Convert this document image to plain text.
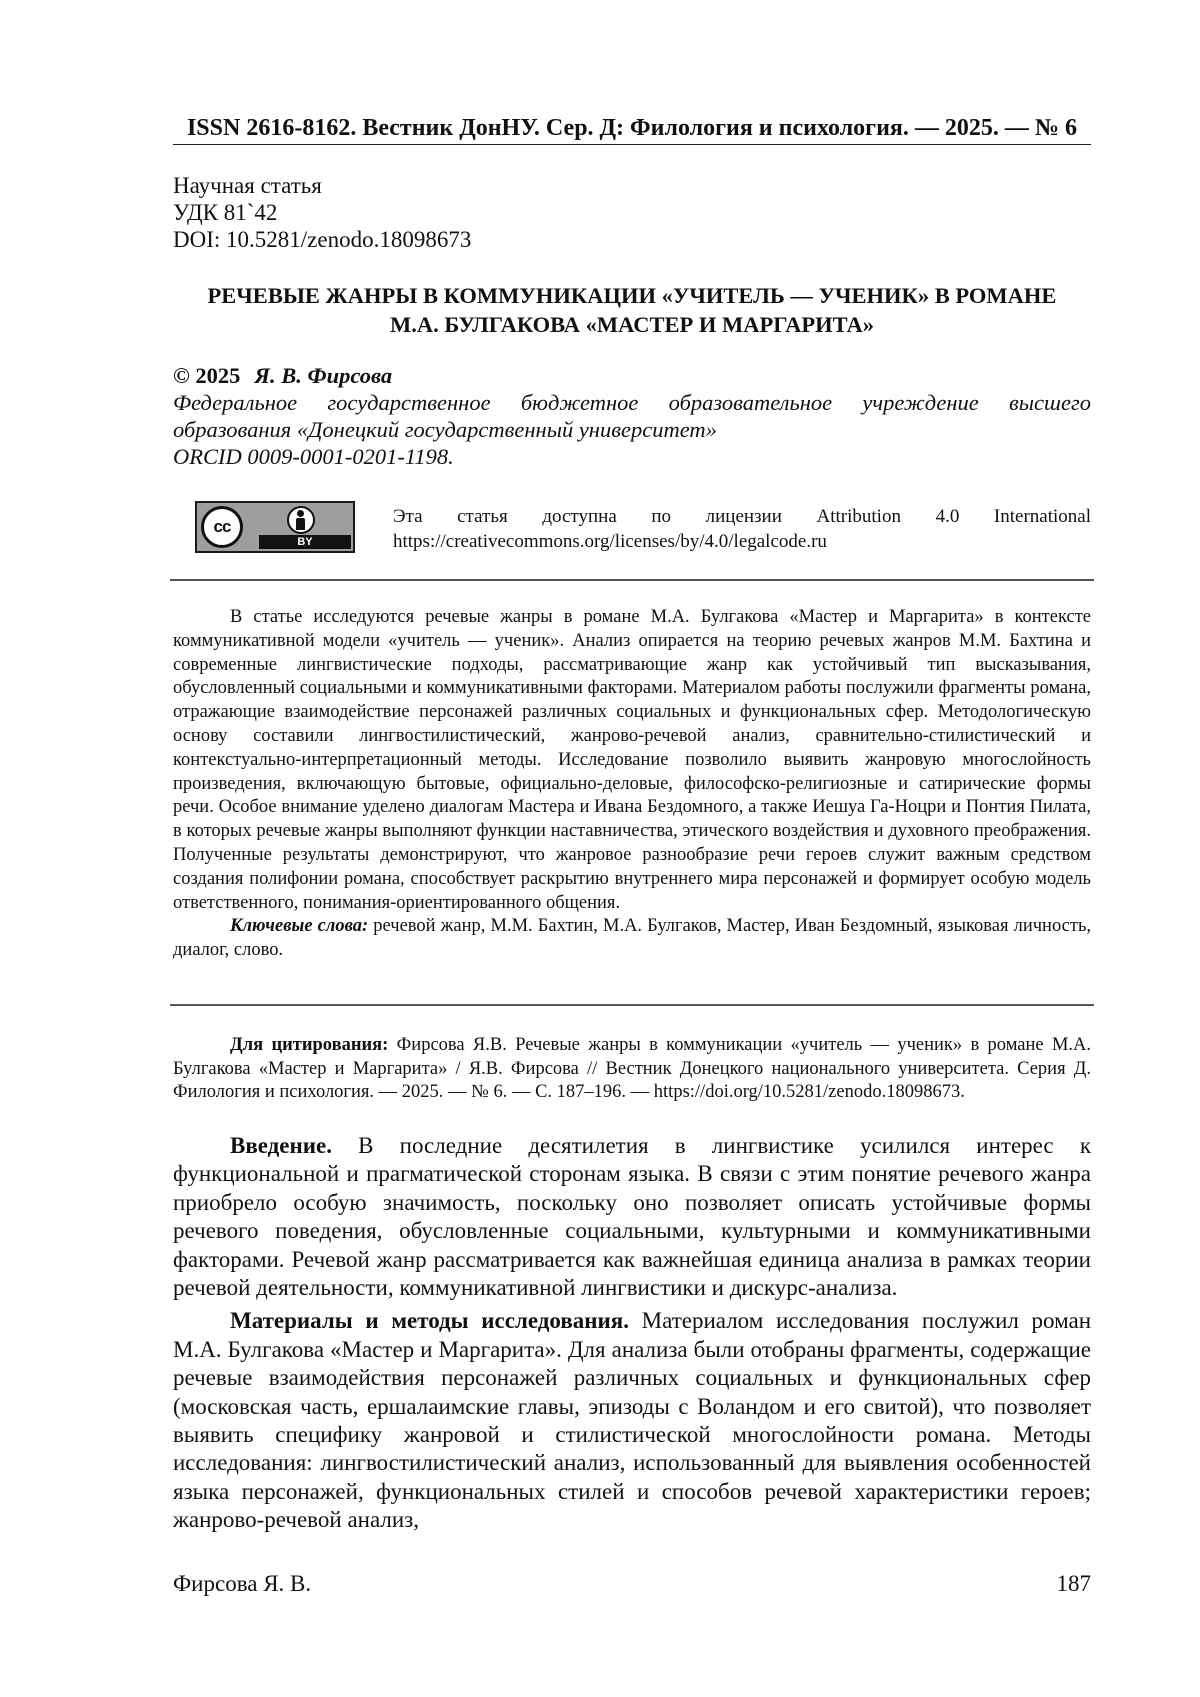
ISSN 2616-8162. Вестник ДонНУ. Сер. Д: Филология и психология. — 2025. — № 6
Научная статья
УДК 81`42
DOI: 10.5281/zenodo.18098673
РЕЧЕВЫЕ ЖАНРЫ В КОММУНИКАЦИИ «УЧИТЕЛЬ — УЧЕНИК» В РОМАНЕ
М.А. БУЛГАКОВА «МАСТЕР И МАРГАРИТА»
© 2025 Я. В. Фирсова
Федеральное государственное бюджетное образовательное учреждение высшего
образования «Донецкий государственный университет»
ORCID 0009-0001-0201-1198.
cc
BY
Эта статья доступна по лицензии Attribution 4.0 International
https://creativecommons.org/licenses/by/4.0/legalcode.ru

В статье исследуются речевые жанры в романе М.А. Булгакова «Мастер и Маргарита» в контексте коммуникативной модели «учитель — ученик». Анализ опирается на теорию речевых жанров М.М. Бахтина и современные лингвистические подходы, рассматривающие жанр как устойчивый тип высказывания, обусловленный социальными и коммуникативными факторами. Материалом работы послужили фрагменты романа, отражающие взаимодействие персонажей различных социальных и функциональных сфер. Методологическую основу составили лингвостилистический, жанрово-речевой анализ, сравнительно-стилистический и контекстуально-интерпретационный методы. Исследование позволило выявить жанровую многослойность произведения, включающую бытовые, официально-деловые, философско-религиозные и сатирические формы речи. Особое внимание уделено диалогам Мастера и Ивана Бездомного, а также Иешуа Га-Ноцри и Понтия Пилата, в которых речевые жанры выполняют функции наставничества, этического воздействия и духовного преображения. Полученные результаты демонстрируют, что жанровое разнообразие речи героев служит важным средством создания полифонии романа, способствует раскрытию внутреннего мира персонажей и формирует особую модель ответственного, понимания-ориентированного общения.

Ключевые слова: речевой жанр, М.М. Бахтин, М.А. Булгаков, Мастер, Иван Бездомный, языковая личность, диалог, слово.

Для цитирования: Фирсова Я.В. Речевые жанры в коммуникации «учитель — ученик» в романе М.А. Булгакова «Мастер и Маргарита» / Я.В. Фирсова // Вестник Донецкого национального университета. Серия Д. Филология и психология. — 2025. — № 6. — С. 187–196. — https://doi.org/10.5281/zenodo.18098673.

Введение. В последние десятилетия в лингвистике усилился интерес к функциональной и прагматической сторонам языка. В связи с этим понятие речевого жанра приобрело особую значимость, поскольку оно позволяет описать устойчивые формы речевого поведения, обусловленные социальными, культурными и коммуникативными факторами. Речевой жанр рассматривается как важнейшая единица анализа в рамках теории речевой деятельности, коммуникативной лингвистики и дискурс-анализа.

Материалы и методы исследования. Материалом исследования послужил роман М.А. Булгакова «Мастер и Маргарита». Для анализа были отобраны фрагменты, содержащие речевые взаимодействия персонажей различных социальных и функциональных сфер (московская часть, ершалаимские главы, эпизоды с Воландом и его свитой), что позволяет выявить специфику жанровой и стилистической многослойности романа. Методы исследования: лингвостилистический анализ, использованный для выявления особенностей языка персонажей, функциональных стилей и способов речевой характеристики героев; жанрово-речевой анализ,

Фирсова Я. В.	187
